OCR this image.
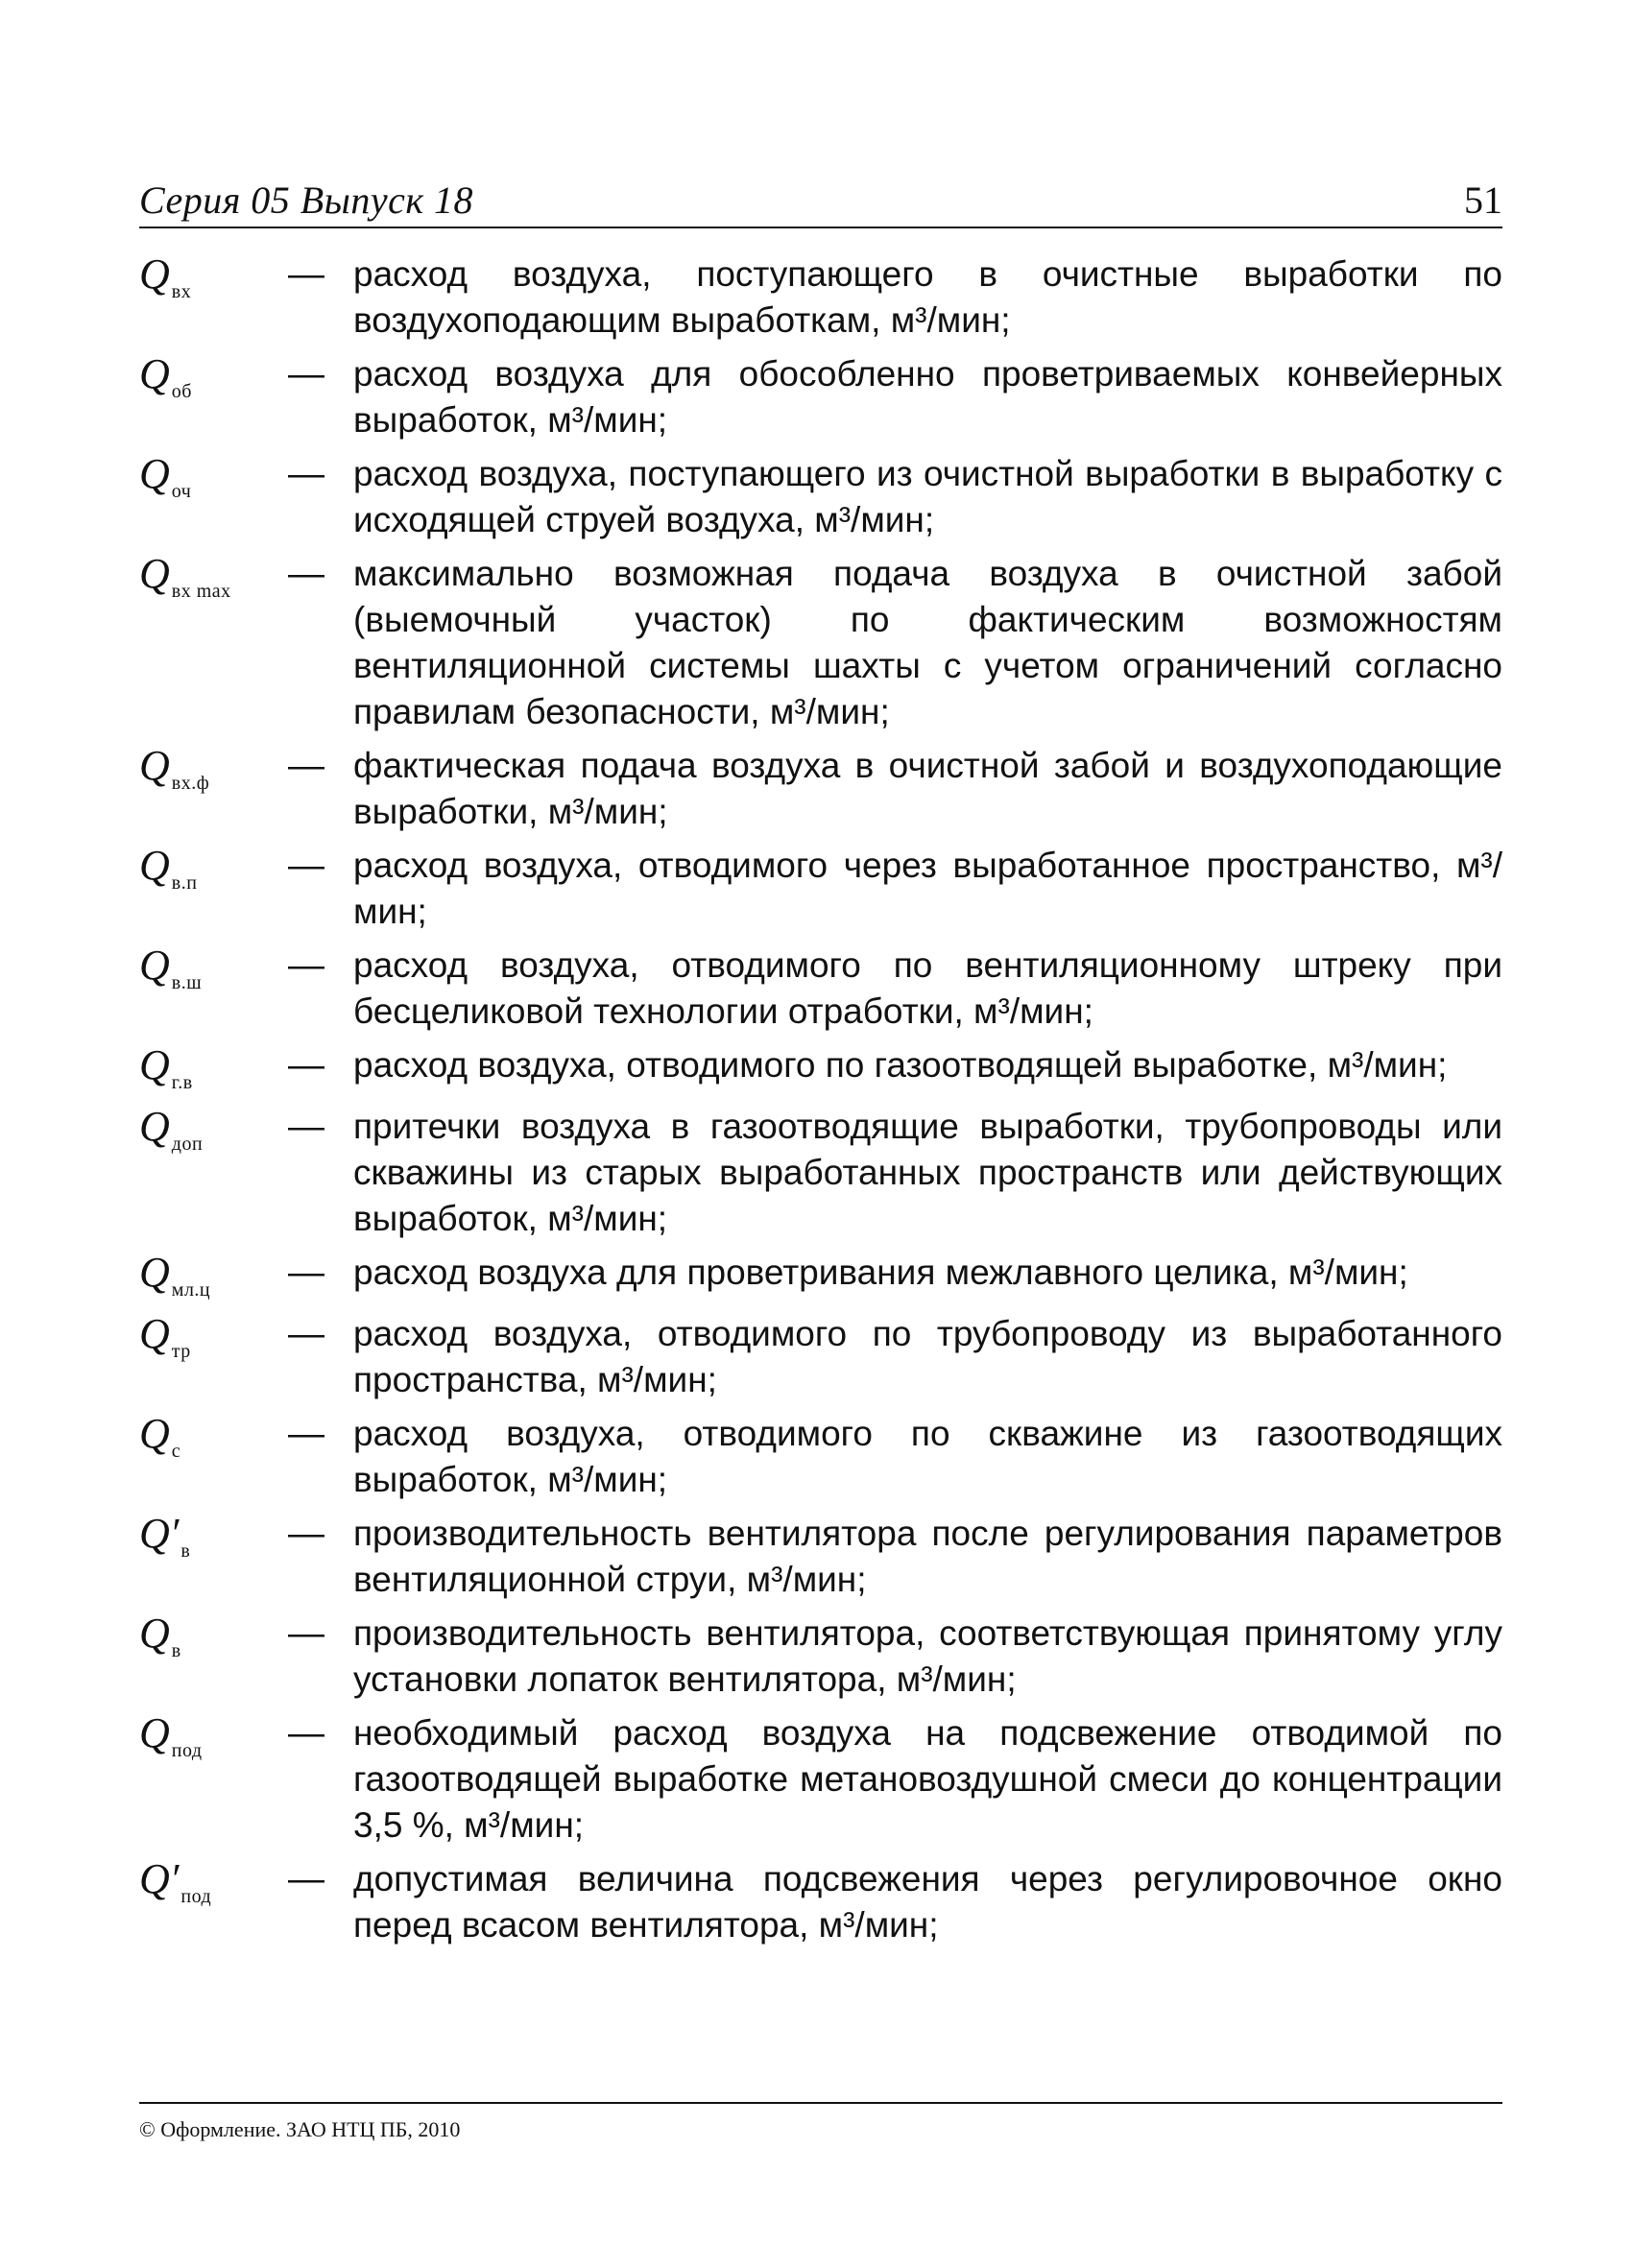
Серия 05 Выпуск 18	51
Q $_{вх}$	— расход воздуха, поступающего в очистные выработки по воздухоподающим выработкам, м³/мин;
Q $_{об}$	— расход воздуха для обособленно проветриваемых конвейерных выработок, м³/мин;
Q $_{оч}$	— расход воздуха, поступающего из очистной выработки в выработку с исходящей струей воздуха, м³/мин;
Q $_{вх max}$	— максимально возможная подача воздуха в очистной забой (выемочный участок) по фактическим возможностям вентиляционной системы шахты с учетом ограничений согласно правилам безопасности, м³/мин;
Q $_{вх.ф}$	— фактическая подача воздуха в очистной забой и воздухоподающие выработки, м³/мин;
Q $_{в.п}$	— расход воздуха, отводимого через выработанное пространство, м³/мин;
Q $_{в.ш}$	— расход воздуха, отводимого по вентиляционному штреку при бесцеликовой технологии отработки, м³/мин;
Q $_{г.в}$	— расход воздуха, отводимого по газоотводящей выработке, м³/мин;
Q $_{доп}$	— притечки воздуха в газоотводящие выработки, трубопроводы или скважины из старых выработанных пространств или действующих выработок, м³/мин;
Q $_{мл.ц}$	— расход воздуха для проветривания межлавного целика, м³/мин;
Q $_{тр}$	— расход воздуха, отводимого по трубопроводу из выработанного пространства, м³/мин;
Q $_с$	— расход воздуха, отводимого по скважине из газоотводящих выработок, м³/мин;
Q′ $_в$	— производительность вентилятора после регулирования параметров вентиляционной струи, м³/мин;
Q $_в$	— производительность вентилятора, соответствующая принятому углу установки лопаток вентилятора, м³/мин;
Q $_{под}$	— необходимый расход воздуха на подсвежение отводимой по газоотводящей выработке метановоздушной смеси до концентрации 3,5 %, м³/мин;
Q′ $_{под}$	— допустимая величина подсвежения через регулировочное окно перед всасом вентилятора, м³/мин;
© Оформление. ЗАО НТЦ ПБ, 2010
